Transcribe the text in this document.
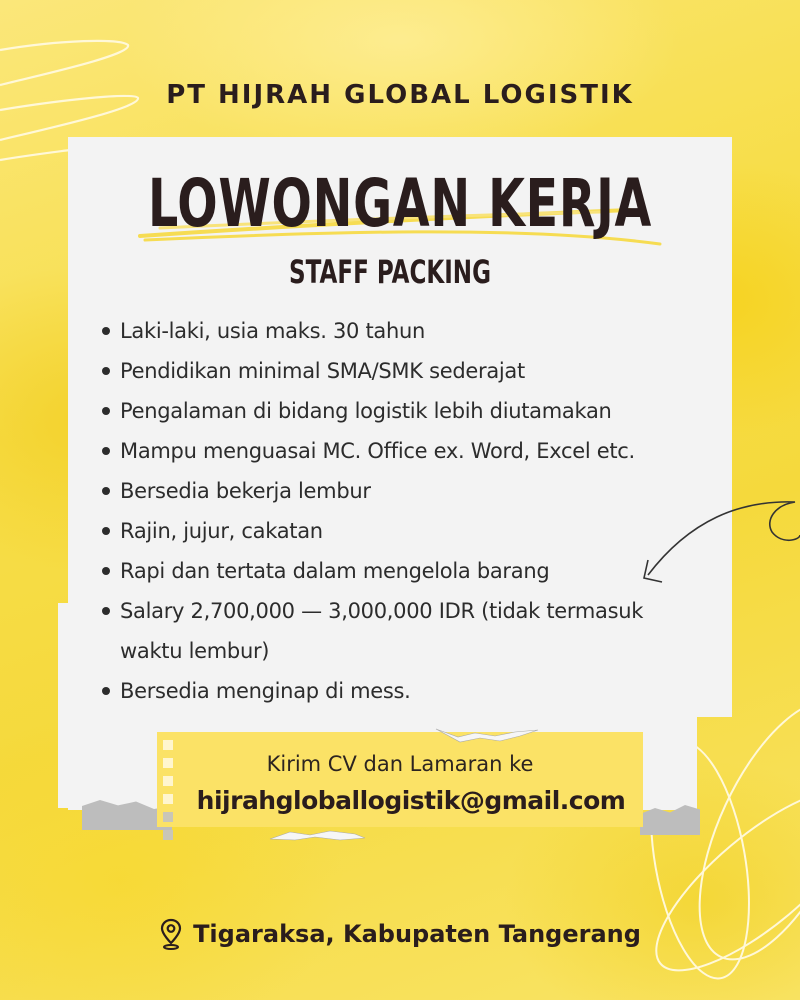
PT HIJRAH GLOBAL LOGISTIK
LOWONGAN KERJA
STAFF PACKING
Laki-laki, usia maks. 30 tahun
Pendidikan minimal SMA/SMK sederajat
Pengalaman di bidang logistik lebih diutamakan
Mampu menguasai MC. Office ex. Word, Excel etc.
Bersedia bekerja lembur
Rajin, jujur, cakatan
Rapi dan tertata dalam mengelola barang
Salary 2,700,000 — 3,000,000 IDR (tidak termasuk waktu lembur)
Bersedia menginap di mess.
Kirim CV dan Lamaran ke
hijrahgloballogistik@gmail.com
Tigaraksa, Kabupaten Tangerang
